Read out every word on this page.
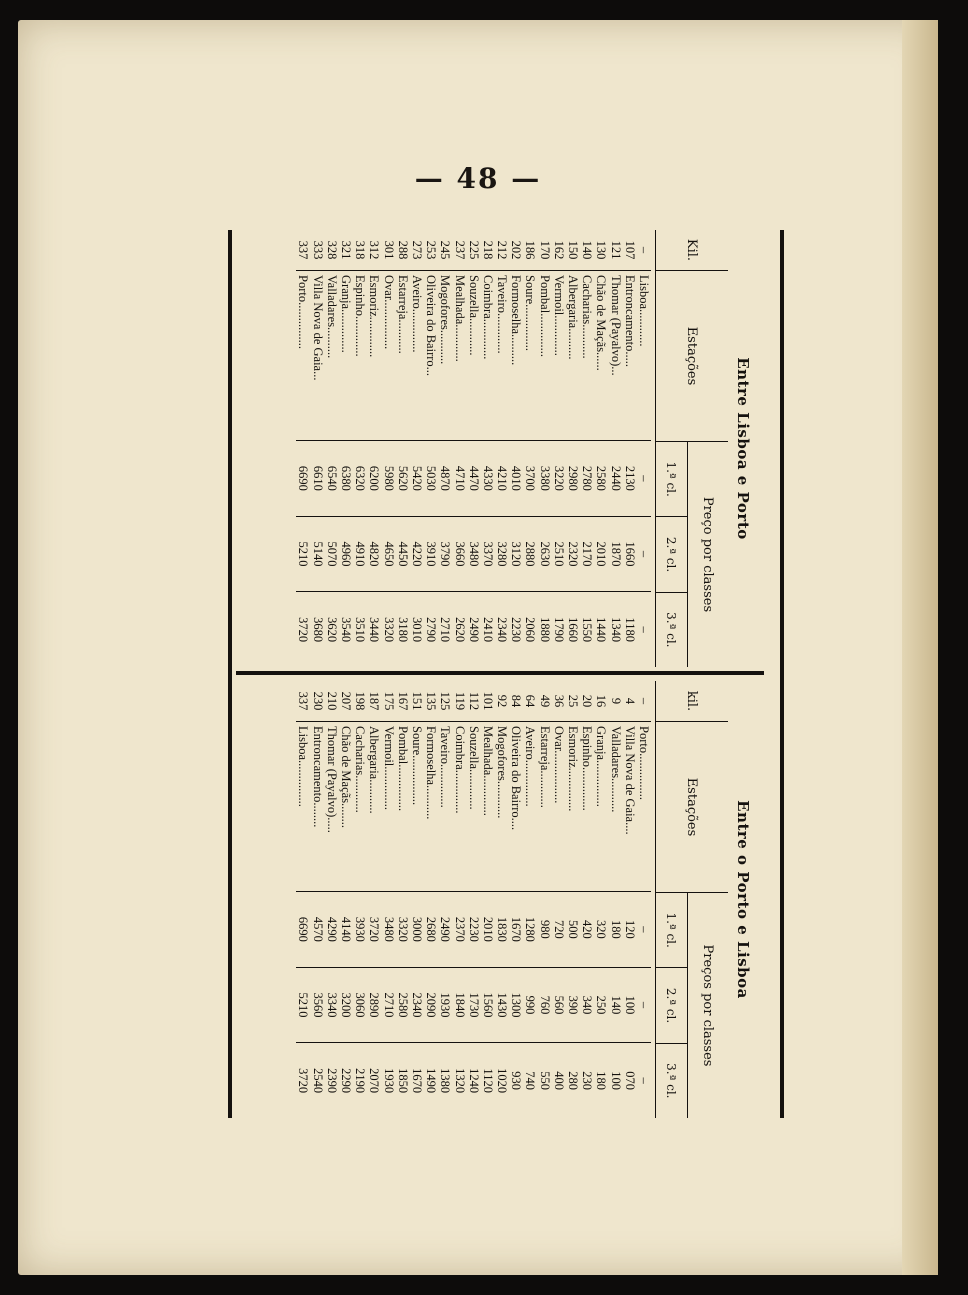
— 48 —
Entre Lisboa e Porto
Kil.
Estações
Preço por classes
1.ª cl.
2.ª cl.
3.ª cl.
–
Lisboa............
–
–
–
107
Entroncamento.....
2130
1660
1180
121
Thomar (Payalvo)...
2440
1870
1340
130
Chão de Maçãs......
2580
2010
1440
140
Cacharias...........
2780
2170
1550
150
Albergaria..........
2980
2320
1660
162
Vermoil.............
3220
2510
1790
170
Pombal..............
3380
2630
1880
186
Soure...............
3700
2880
2060
202
Formoselha..........
4010
3120
2230
212
Taveiro.............
4210
3280
2340
218
Coimbra.............
4330
3370
2410
225
Souzella............
4470
3480
2490
237
Mealhada............
4710
3660
2620
245
Mogofores...........
4870
3790
2710
253
Oliveira do Bairro...
5030
3910
2790
273
Aveiro..............
5420
4220
3010
288
Estarreja...........
5620
4450
3180
301
Ovar................
5980
4650
3320
312
Esmoriz.............
6200
4820
3440
318
Espinho.............
6320
4910
3510
321
Granja..............
6380
4960
3540
328
Valladares..........
6540
5070
3620
333
Villa Nova de Gaia...
6610
5140
3680
337
Porto...............
6690
5210
3720
Entre o Porto e Lisboa
kil.
Estações
Preços por classes
1.ª cl.
2.ª cl.
3.ª cl.
–
Porto...............
–
–
–
4
Villa Nova de Gaia....
120
100
070
9
Valladares...........
180
140
100
16
Granja...............
320
250
180
20
Espinho..............
420
340
230
25
Esmoriz..............
500
390
280
36
Ovar.................
720
560
400
49
Estarreja............
980
760
550
64
Aveiro...............
1280
990
740
84
Oliveira do Bairro....
1670
1300
930
92
Mogofores............
1830
1430
1020
101
Mealhada.............
2010
1560
1120
112
Souzella.............
2230
1730
1240
119
Coimbra..............
2370
1840
1320
125
Taveiro..............
2490
1930
1380
135
Formoselha...........
2680
2090
1490
151
Soure................
3000
2340
1670
167
Pombal...............
3320
2580
1850
175
Vermoil..............
3480
2710
1930
187
Albergaria...........
3720
2890
2070
198
Cacharias............
3930
3060
2190
207
Chão de Maçãs........
4140
3200
2290
210
Thomar (Payalvo).....
4290
3340
2390
230
Entroncamento........
4570
3560
2540
337
Lisboa...............
6690
5210
3720
